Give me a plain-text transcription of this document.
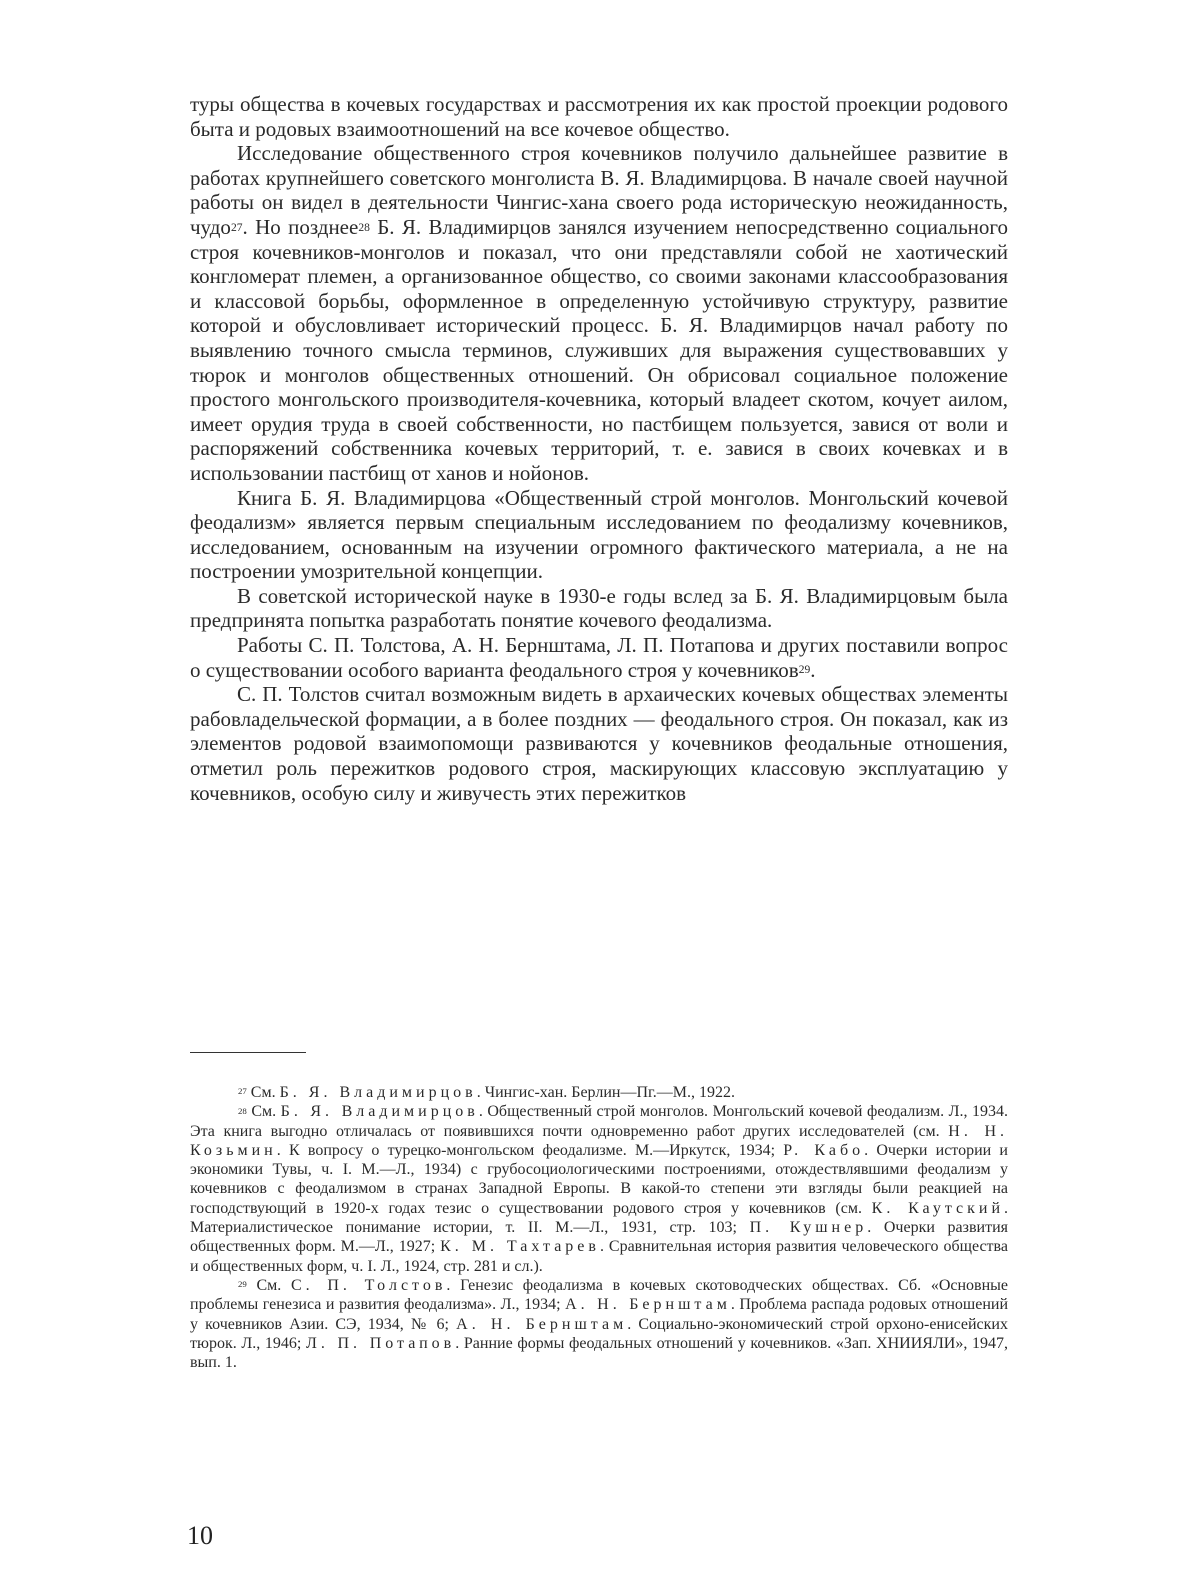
туры общества в кочевых государствах и рассмотрения их как простой проекции родового быта и родовых взаимоотношений на все кочевое общество.

Исследование общественного строя кочевников получило дальнейшее развитие в работах крупнейшего советского монголиста В. Я. Владимирцова. В начале своей научной работы он видел в деятельности Чингис-хана своего рода историческую неожиданность, чудо$^{27}$. Но позднее$^{28}$ Б. Я. Владимирцов занялся изучением непосредственно социального строя кочевников-монголов и показал, что они представляли собой не хаотический конгломерат племен, а организованное общество, со своими законами классообразования и классовой борьбы, оформленное в определенную устойчивую структуру, развитие которой и обусловливает исторический процесс. Б. Я. Владимирцов начал работу по выявлению точного смысла терминов, служивших для выражения существовавших у тюрок и монголов общественных отношений. Он обрисовал социальное положение простого монгольского производителя-кочевника, который владеет скотом, кочует аилом, имеет орудия труда в своей собственности, но пастбищем пользуется, завися от воли и распоряжений собственника кочевых территорий, т. е. завися в своих кочевках и в использовании пастбищ от ханов и нойонов.

Книга Б. Я. Владимирцова «Общественный строй монголов. Монгольский кочевой феодализм» является первым специальным исследованием по феодализму кочевников, исследованием, основанным на изучении огромного фактического материала, а не на построении умозрительной концепции.

В советской исторической науке в 1930-е годы вслед за Б. Я. Владимирцовым была предпринята попытка разработать понятие кочевого феодализма.

Работы С. П. Толстова, А. Н. Бернштама, Л. П. Потапова и других поставили вопрос о существовании особого варианта феодального строя у кочевников$^{29}$.

С. П. Толстов считал возможным видеть в архаических кочевых обществах элементы рабовладельческой формации, а в более поздних — феодального строя. Он показал, как из элементов родовой взаимопомощи развиваются у кочевников феодальные отношения, отметил роль пережитков родового строя, маскирующих классовую эксплуатацию у кочевников, особую силу и живучесть этих пережитков

$^{27}$ См. Б. Я. Владимирцов. Чингис-хан. Берлин—Пг.—М., 1922.

$^{28}$ См. Б. Я. Владимирцов. Общественный строй монголов. Монгольский кочевой феодализм. Л., 1934. Эта книга выгодно отличалась от появившихся почти одновременно работ других исследователей (см. Н. Н. Козьмин. К вопросу о турецко-монгольском феодализме. М.—Иркутск, 1934; Р. Кабо. Очерки истории и экономики Тувы, ч. I. М.—Л., 1934) с грубосоциологическими построениями, отождествлявшими феодализм у кочевников с феодализмом в странах Западной Европы. В какой-то степени эти взгляды были реакцией на господствующий в 1920-х годах тезис о существовании родового строя у кочевников (см. К. Каутский. Материалистическое понимание истории, т. II. М.—Л., 1931, стр. 103; П. Кушнер. Очерки развития общественных форм. М.—Л., 1927; К. М. Тахтарев. Сравнительная история развития человеческого общества и общественных форм, ч. I. Л., 1924, стр. 281 и сл.).

$^{29}$ См. С. П. Толстов. Генезис феодализма в кочевых скотоводческих обществах. Сб. «Основные проблемы генезиса и развития феодализма». Л., 1934; А. Н. Бернштам. Проблема распада родовых отношений у кочевников Азии. СЭ, 1934, № 6; А. Н. Бернштам. Социально-экономический строй орхоно-енисейских тюрок. Л., 1946; Л. П. Потапов. Ранние формы феодальных отношений у кочевников. «Зап. ХНИИЯЛИ», 1947, вып. 1.

10
